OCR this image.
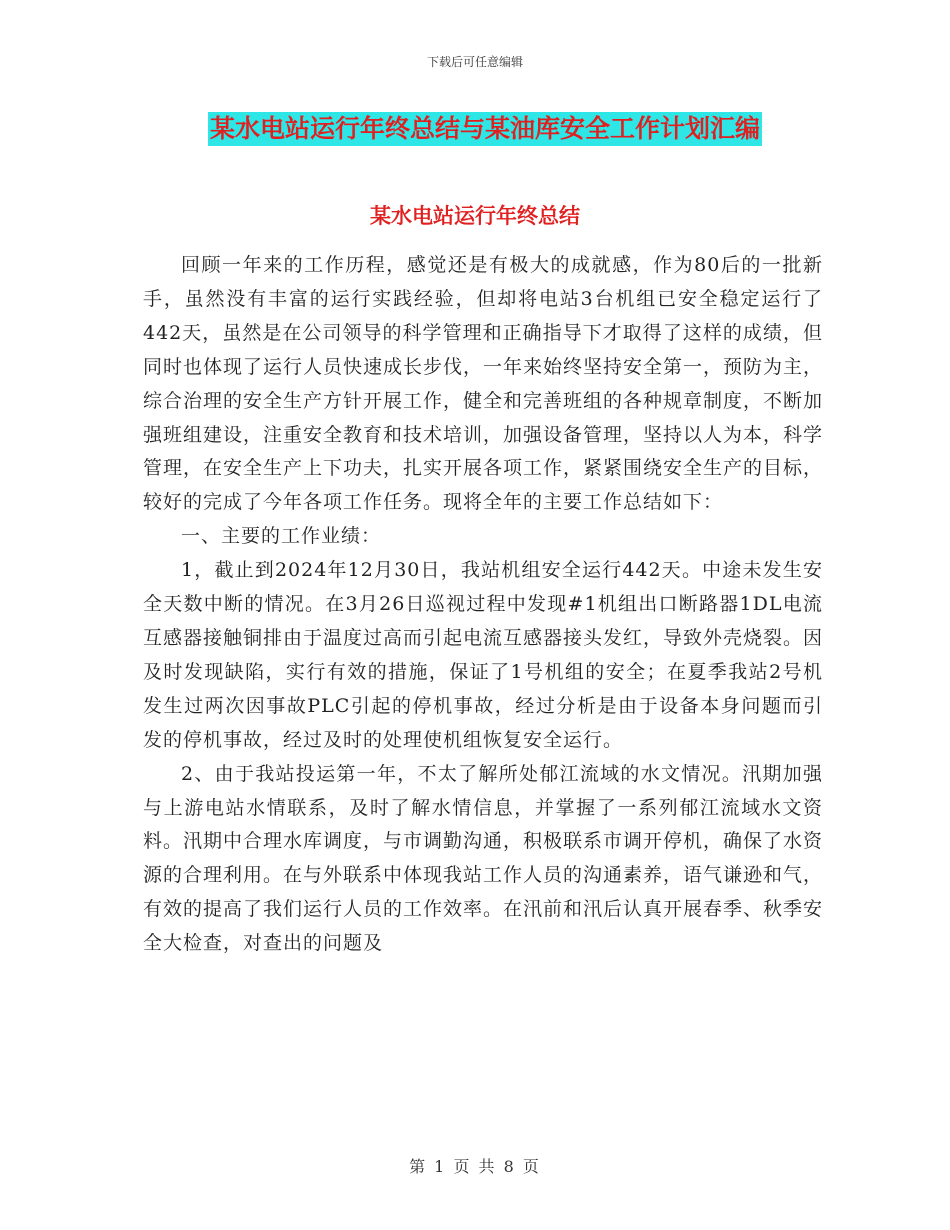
下载后可任意编辑
某水电站运行年终总结与某油库安全工作计划汇编
某水电站运行年终总结

回顾一年来的工作历程，感觉还是有极大的成就感，作为80后的一批新手，虽然没有丰富的运行实践经验，但却将电站3台机组已安全稳定运行了442天，虽然是在公司领导的科学管理和正确指导下才取得了这样的成绩，但同时也体现了运行人员快速成长步伐，一年来始终坚持安全第一，预防为主，综合治理的安全生产方针开展工作，健全和完善班组的各种规章制度，不断加强班组建设，注重安全教育和技术培训，加强设备管理，坚持以人为本，科学管理，在安全生产上下功夫，扎实开展各项工作，紧紧围绕安全生产的目标，较好的完成了今年各项工作任务。现将全年的主要工作总结如下：

一、主要的工作业绩：

1，截止到2024年12月30日，我站机组安全运行442天。中途未发生安全天数中断的情况。在3月26日巡视过程中发现#1机组出口断路器1DL电流互感器接触铜排由于温度过高而引起电流互感器接头发红，导致外壳烧裂。因及时发现缺陷，实行有效的措施，保证了1号机组的安全；在夏季我站2号机发生过两次因事故PLC引起的停机事故，经过分析是由于设备本身问题而引发的停机事故，经过及时的处理使机组恢复安全运行。

2、由于我站投运第一年，不太了解所处郁江流域的水文情况。汛期加强与上游电站水情联系，及时了解水情信息，并掌握了一系列郁江流域水文资料。汛期中合理水库调度，与市调勤沟通，积极联系市调开停机，确保了水资源的合理利用。在与外联系中体现我站工作人员的沟通素养，语气谦逊和气，有效的提高了我们运行人员的工作效率。在汛前和汛后认真开展春季、秋季安全大检查，对查出的问题及

第 1 页 共 8 页
